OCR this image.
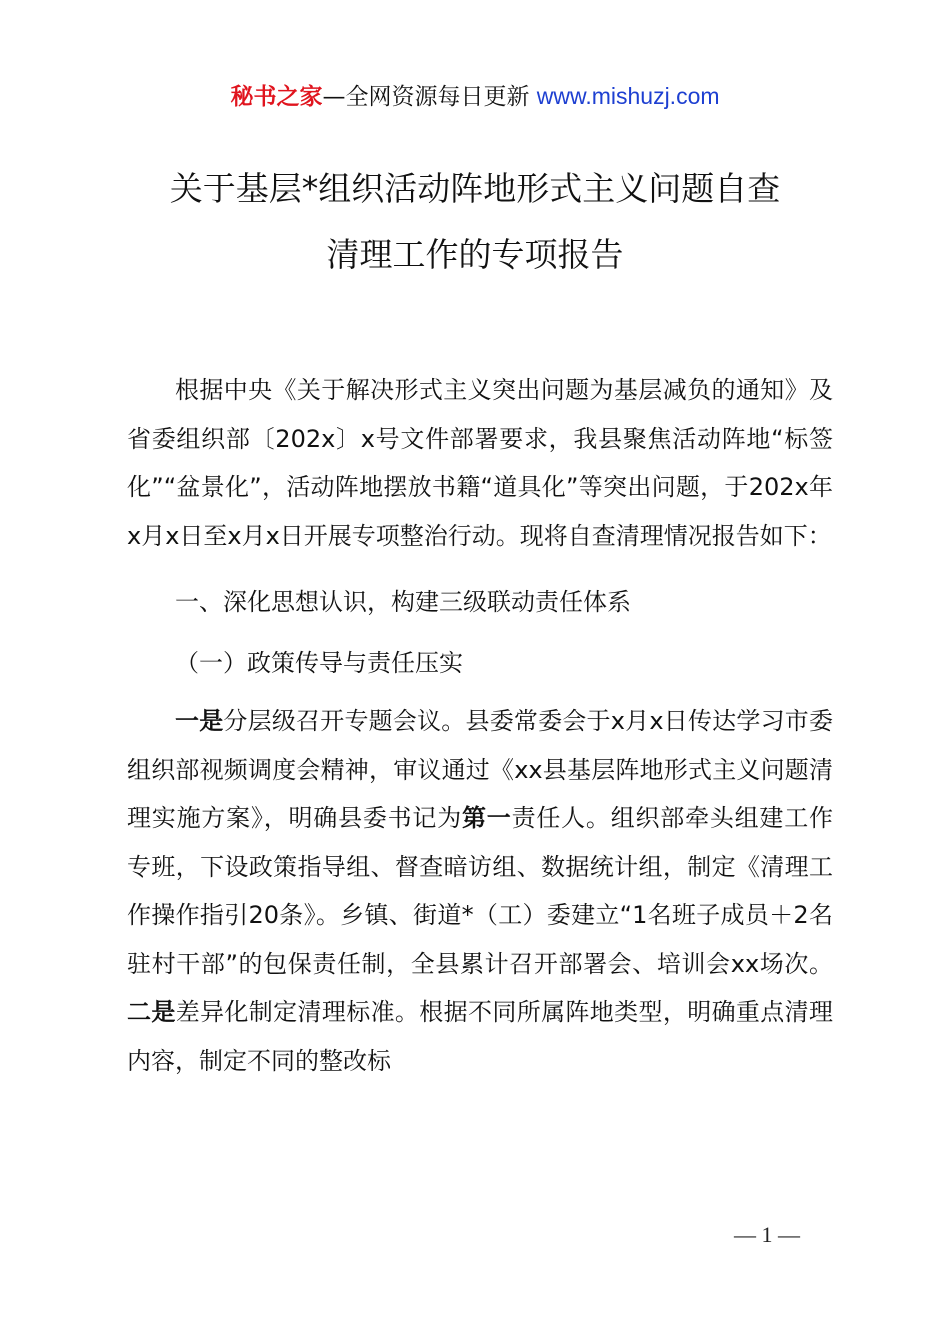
秘书之家—全网资源每日更新 www.mishuzj.com
关于基层*组织活动阵地形式主义问题自查
清理工作的专项报告

根据中央《关于解决形式主义突出问题为基层减负的通知》及省委组织部〔202x〕x号文件部署要求，我县聚焦活动阵地“标签化”“盆景化”，活动阵地摆放书籍“道具化”等突出问题，于202x年x月x日至x月x日开展专项整治行动。现将自查清理情况报告如下：

一、深化思想认识，构建三级联动责任体系

（一）政策传导与责任压实

一是分层级召开专题会议。县委常委会于x月x日传达学习市委组织部视频调度会精神，审议通过《xx县基层阵地形式主义问题清理实施方案》，明确县委书记为第一责任人。组织部牵头组建工作专班，下设政策指导组、督查暗访组、数据统计组，制定《清理工作操作指引20条》。乡镇、街道*（工）委建立“1名班子成员＋2名驻村干部”的包保责任制，全县累计召开部署会、培训会xx场次。二是差异化制定清理标准。根据不同所属阵地类型，明确重点清理内容，制定不同的整改标

— 1 —
